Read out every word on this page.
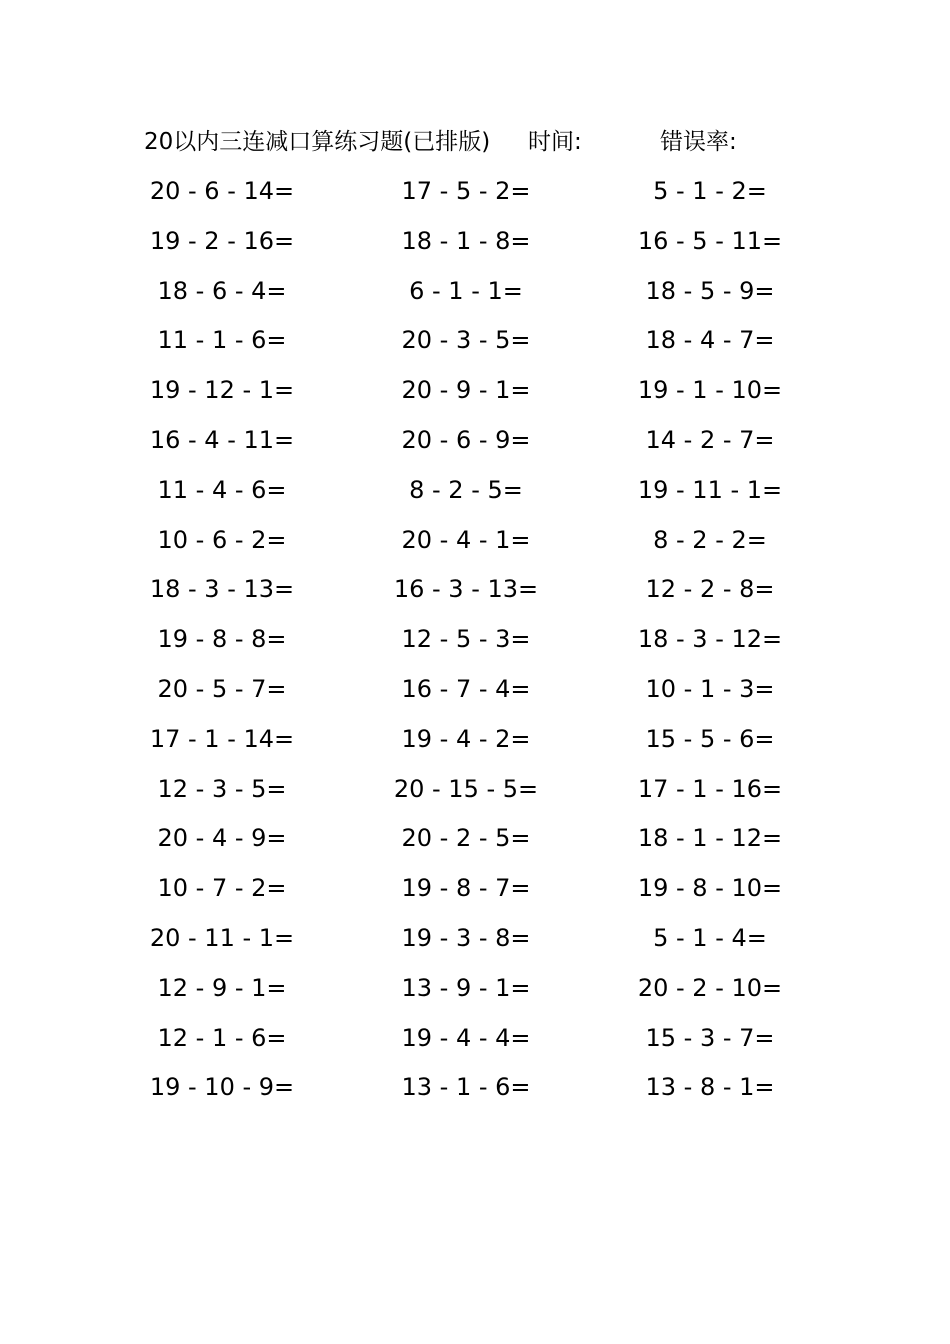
20以内三连减口算练习题(已排版) 时间:	错误率:
20 - 6 - 14=	17 - 5 - 2=	5 - 1 - 2=
19 - 2 - 16=	18 - 1 - 8=	16 - 5 - 11=
18 - 6 - 4=	6 - 1 - 1=	18 - 5 - 9=
11 - 1 - 6=	20 - 3 - 5=	18 - 4 - 7=
19 - 12 - 1=	20 - 9 - 1=	19 - 1 - 10=
16 - 4 - 11=	20 - 6 - 9=	14 - 2 - 7=
11 - 4 - 6=	8 - 2 - 5=	19 - 11 - 1=
10 - 6 - 2=	20 - 4 - 1=	8 - 2 - 2=
18 - 3 - 13=	16 - 3 - 13=	12 - 2 - 8=
19 - 8 - 8=	12 - 5 - 3=	18 - 3 - 12=
20 - 5 - 7=	16 - 7 - 4=	10 - 1 - 3=
17 - 1 - 14=	19 - 4 - 2=	15 - 5 - 6=
12 - 3 - 5=	20 - 15 - 5=	17 - 1 - 16=
20 - 4 - 9=	20 - 2 - 5=	18 - 1 - 12=
10 - 7 - 2=	19 - 8 - 7=	19 - 8 - 10=
20 - 11 - 1=	19 - 3 - 8=	5 - 1 - 4=
12 - 9 - 1=	13 - 9 - 1=	20 - 2 - 10=
12 - 1 - 6=	19 - 4 - 4=	15 - 3 - 7=
19 - 10 - 9=	13 - 1 - 6=	13 - 8 - 1=
